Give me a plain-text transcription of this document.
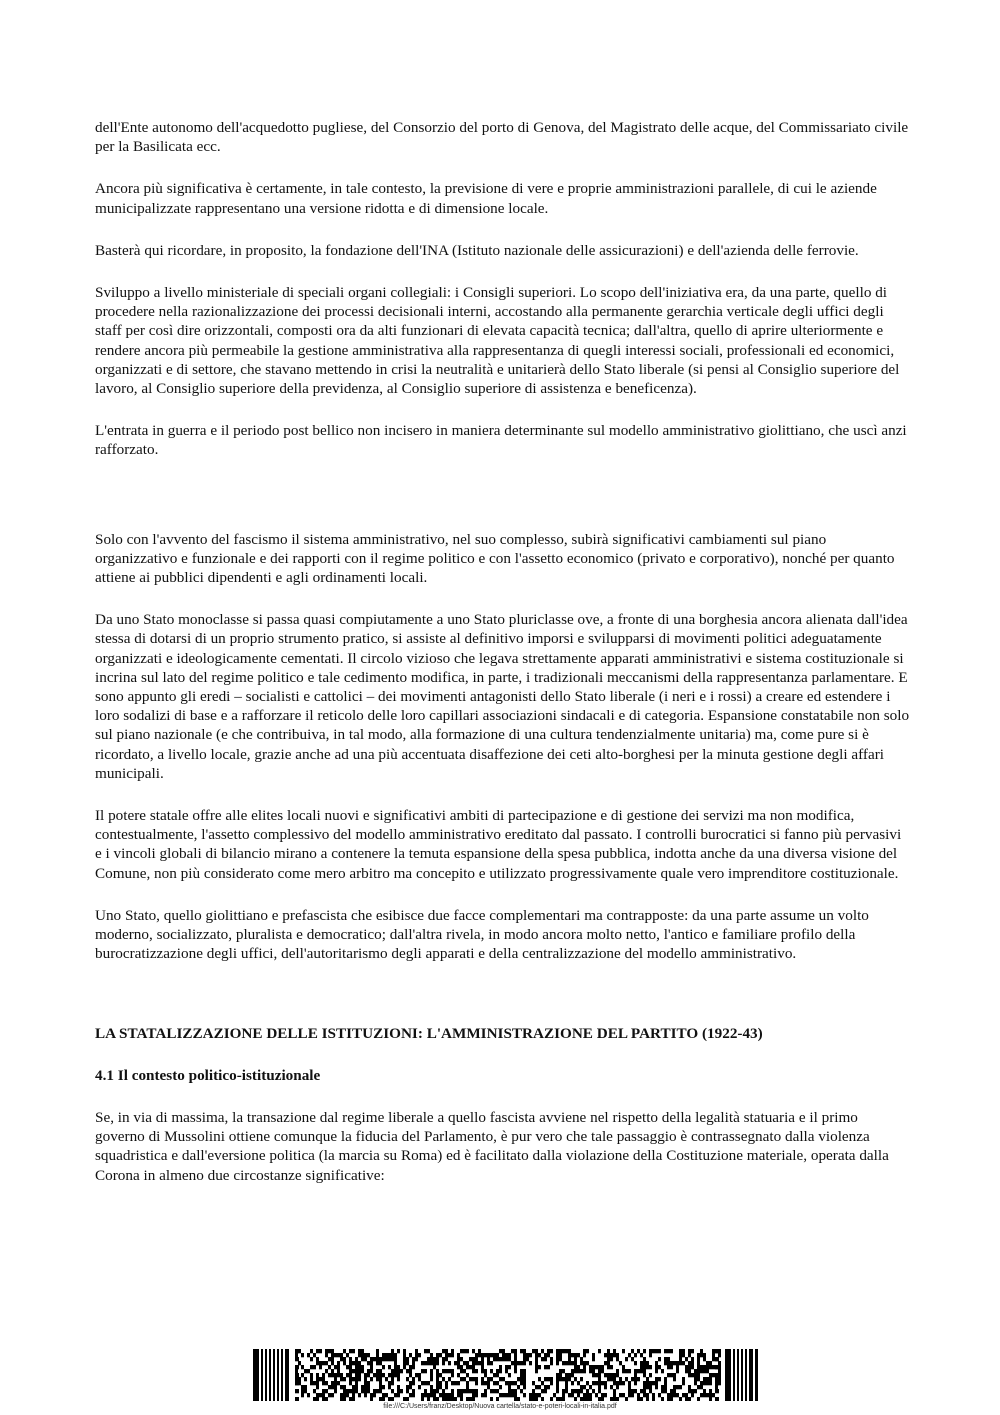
dell'Ente autonomo dell'acquedotto pugliese, del Consorzio del porto di Genova, del Magistrato delle acque, del Commissariato civile per la Basilicata ecc.

Ancora più significativa è certamente, in tale contesto, la previsione di vere e proprie amministrazioni parallele, di cui le aziende municipalizzate rappresentano una versione ridotta e di dimensione locale.

Basterà qui ricordare, in proposito, la fondazione dell'INA (Istituto nazionale delle assicurazioni) e dell'azienda delle ferrovie.

Sviluppo a livello ministeriale di speciali organi collegiali: i Consigli superiori. Lo scopo dell'iniziativa era, da una parte, quello di procedere nella razionalizzazione dei processi decisionali interni, accostando alla permanente gerarchia verticale degli uffici degli staff per così dire orizzontali, composti ora da alti funzionari di elevata capacità tecnica; dall'altra, quello di aprire ulteriormente e rendere ancora più permeabile la gestione amministrativa alla rappresentanza di quegli interessi sociali, professionali ed economici, organizzati e di settore, che stavano mettendo in crisi la neutralità e unitarierà dello Stato liberale (si pensi al Consiglio superiore del lavoro, al Consiglio superiore della previdenza, al Consiglio superiore di assistenza e beneficenza).

L'entrata in guerra e il periodo post bellico non incisero in maniera determinante sul modello amministrativo giolittiano, che uscì anzi rafforzato.

Solo con l'avvento del fascismo il sistema amministrativo, nel suo complesso, subirà significativi cambiamenti sul piano organizzativo e funzionale e dei rapporti con il regime politico e con l'assetto economico (privato e corporativo), nonché per quanto attiene ai pubblici dipendenti e agli ordinamenti locali.

Da uno Stato monoclasse si passa quasi compiutamente a uno Stato pluriclasse ove, a fronte di una borghesia ancora alienata dall'idea stessa di dotarsi di un proprio strumento pratico, si assiste al definitivo imporsi e svilupparsi di movimenti politici adeguatamente organizzati e ideologicamente cementati. Il circolo vizioso che legava strettamente apparati amministrativi e sistema costituzionale si incrina sul lato del regime politico e tale cedimento modifica, in parte, i tradizionali meccanismi della rappresentanza parlamentare. E sono appunto gli eredi – socialisti e cattolici – dei movimenti antagonisti dello Stato liberale (i neri e i rossi) a creare ed estendere i loro sodalizi di base e a rafforzare il reticolo delle loro capillari associazioni sindacali e di categoria. Espansione constatabile non solo sul piano nazionale (e che contribuiva, in tal modo, alla formazione di una cultura tendenzialmente unitaria) ma, come pure si è ricordato, a livello locale, grazie anche ad una più accentuata disaffezione dei ceti alto-borghesi per la minuta gestione degli affari municipali.

Il potere statale offre alle elites locali nuovi e significativi ambiti di partecipazione e di gestione dei servizi ma non modifica, contestualmente, l'assetto complessivo del modello amministrativo ereditato dal passato. I controlli burocratici si fanno più pervasivi e i vincoli globali di bilancio mirano a contenere la temuta espansione della spesa pubblica, indotta anche da una diversa visione del Comune, non più considerato come mero arbitro ma concepito e utilizzato progressivamente quale vero imprenditore costituzionale.

Uno Stato, quello giolittiano e prefascista che esibisce due facce complementari ma contrapposte: da una parte assume un volto moderno, socializzato, pluralista e democratico; dall'altra rivela, in modo ancora molto netto, l'antico e familiare profilo della burocratizzazione degli uffici, dell'autoritarismo degli apparati e della centralizzazione del modello amministrativo.

LA STATALIZZAZIONE DELLE ISTITUZIONI: L'AMMINISTRAZIONE DEL PARTITO (1922-43)

4.1 Il contesto politico-istituzionale

Se, in via di massima, la transazione dal regime liberale a quello fascista avviene nel rispetto della legalità statuaria e il primo governo di Mussolini ottiene comunque la fiducia del Parlamento, è pur vero che tale passaggio è contrassegnato dalla violenza squadristica e dall'eversione politica (la marcia su Roma) ed è facilitato dalla violazione della Costituzione materiale, operata dalla Corona in almeno due circostanze significative:

file:///C:/Users/franz/Desktop/Nuova cartella/stato-e-poteri-locali-in-italia.pdf
